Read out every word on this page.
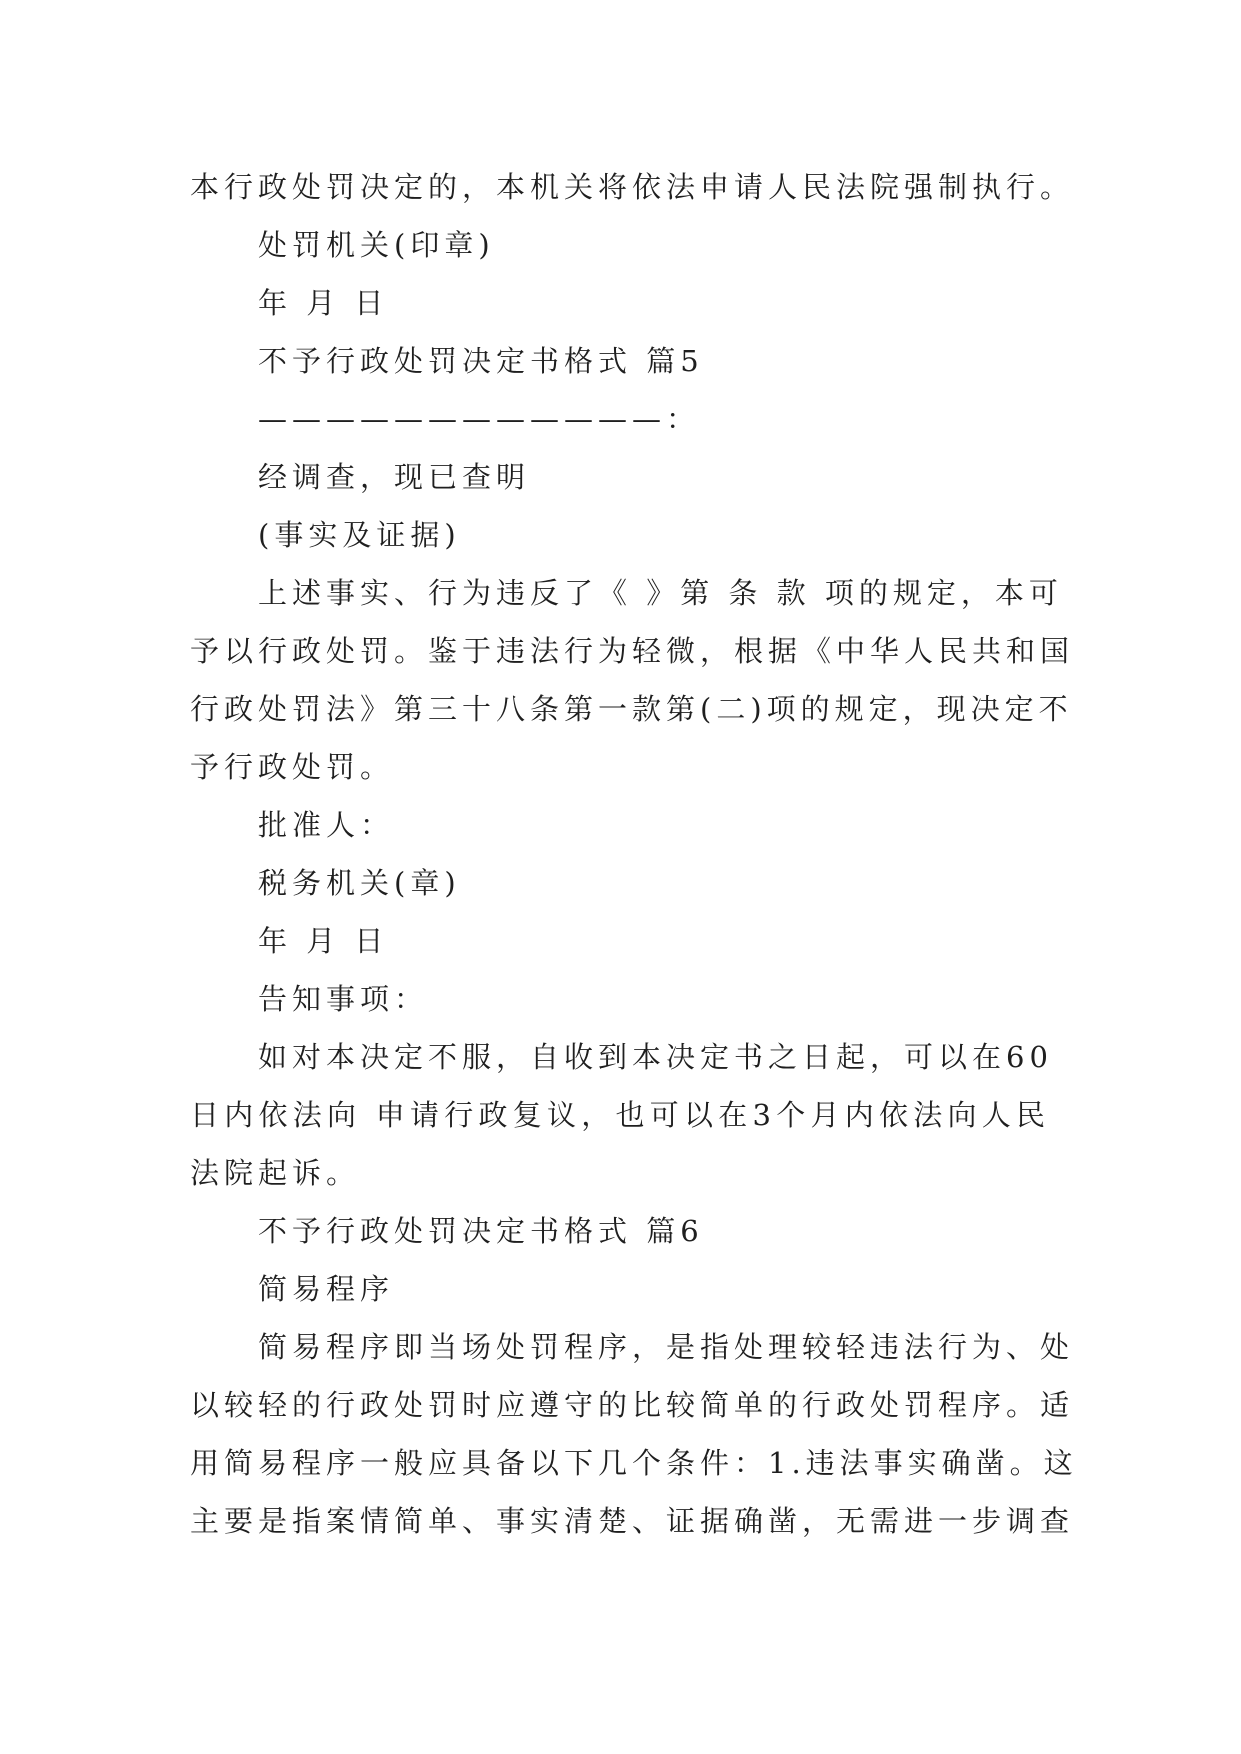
本行政处罚决定的，本机关将依法申请人民法院强制执行。
处罚机关(印章)
年 月 日
不予行政处罚决定书格式 篇5
————————————：
经调查，现已查明
(事实及证据)
上述事实、行为违反了《 》第 条 款 项的规定，本可
予以行政处罚。鉴于违法行为轻微，根据《中华人民共和国
行政处罚法》第三十八条第一款第(二)项的规定，现决定不
予行政处罚。
批准人：
税务机关(章)
年 月 日
告知事项：
如对本决定不服，自收到本决定书之日起，可以在60
日内依法向 申请行政复议，也可以在3个月内依法向人民
法院起诉。
不予行政处罚决定书格式 篇6
简易程序
简易程序即当场处罚程序，是指处理较轻违法行为、处
以较轻的行政处罚时应遵守的比较简单的行政处罚程序。适
用简易程序一般应具备以下几个条件：1.违法事实确凿。这
主要是指案情简单、事实清楚、证据确凿，无需进一步调查
